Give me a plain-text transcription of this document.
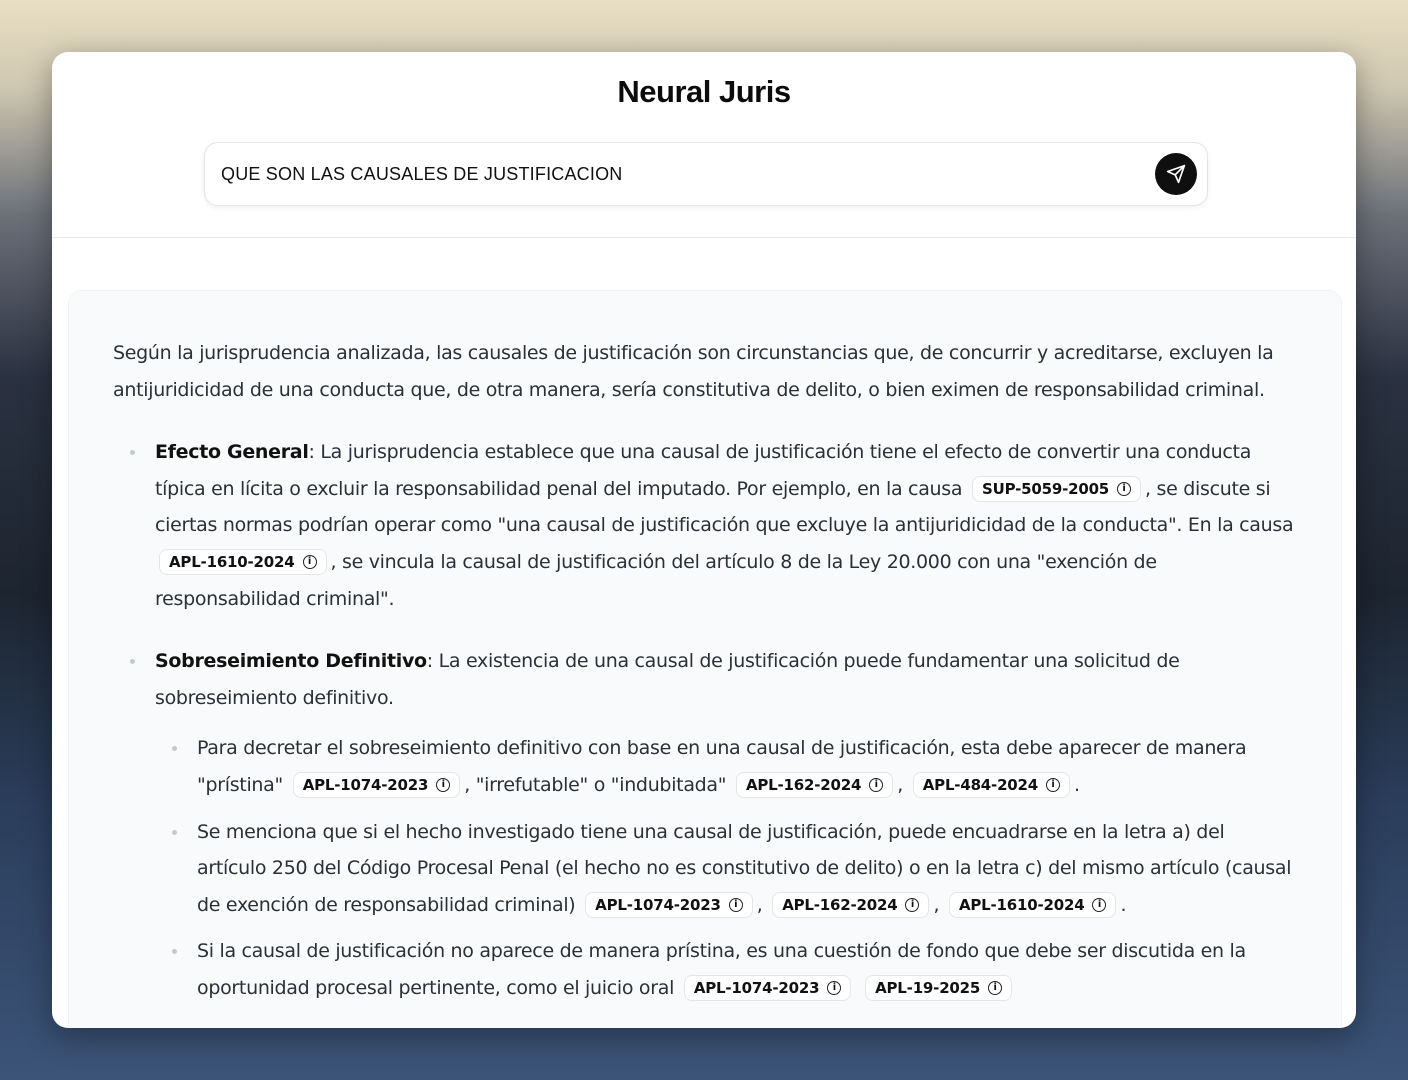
Neural Juris
QUE SON LAS CAUSALES DE JUSTIFICACION

Según la jurisprudencia analizada, las causales de justificación son circunstancias que, de concurrir y acreditarse, excluyen la antijuridicidad de una conducta que, de otra manera, sería constitutiva de delito, o bien eximen de responsabilidad criminal.

Efecto General: La jurisprudencia establece que una causal de justificación tiene el efecto de convertir una conducta típica en lícita o excluir la responsabilidad penal del imputado. Por ejemplo, en la causa SUP-5059-2005	i , se discute si ciertas normas podrían operar como "una causal de justificación que excluye la antijuridicidad de la conducta". En la causa
APL-1610-2024	i , se vincula la causal de justificación del artículo 8 de la Ley 20.000 con una "exención de responsabilidad criminal".
Sobreseimiento Definitivo: La existencia de una causal de justificación puede fundamentar una solicitud de sobreseimiento definitivo.
Para decretar el sobreseimiento definitivo con base en una causal de justificación, esta debe aparecer de manera "prístina" APL-1074-2023	i , "irrefutable" o "indubitada" APL-162-2024	i , APL-484-2024	i .
Se menciona que si el hecho investigado tiene una causal de justificación, puede encuadrarse en la letra a) del artículo 250 del Código Procesal Penal (el hecho no es constitutivo de delito) o en la letra c) del mismo artículo (causal de exención de responsabilidad criminal) APL-1074-2023	i , APL-162-2024	i , APL-1610-2024	i .
Si la causal de justificación no aparece de manera prístina, es una cuestión de fondo que debe ser discutida en la oportunidad procesal pertinente, como el juicio oral APL-1074-2023	i
	APL-19-2025	i
